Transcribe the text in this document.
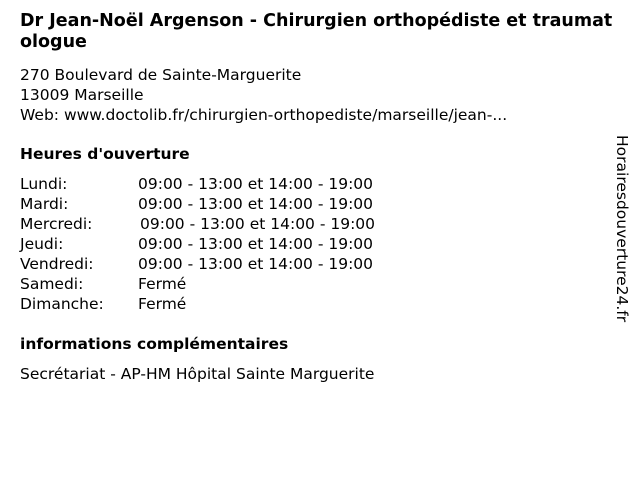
Dr Jean-Noël Argenson - Chirurgien orthopédiste et traumatologue
270 Boulevard de Sainte-Marguerite
13009 Marseille
Web: www.doctolib.fr/chirurgien-orthopediste/marseille/jean-...
Heures d'ouverture
Lundi:	09:00 - 13:00 et 14:00 - 19:00
Mardi:	09:00 - 13:00 et 14:00 - 19:00
Mercredi:	09:00 - 13:00 et 14:00 - 19:00
Jeudi:	09:00 - 13:00 et 14:00 - 19:00
Vendredi:	09:00 - 13:00 et 14:00 - 19:00
Samedi:	Fermé
Dimanche: Fermé
informations complémentaires
Secrétariat - AP-HM Hôpital Sainte Marguerite
Horairesdouverture24.fr
